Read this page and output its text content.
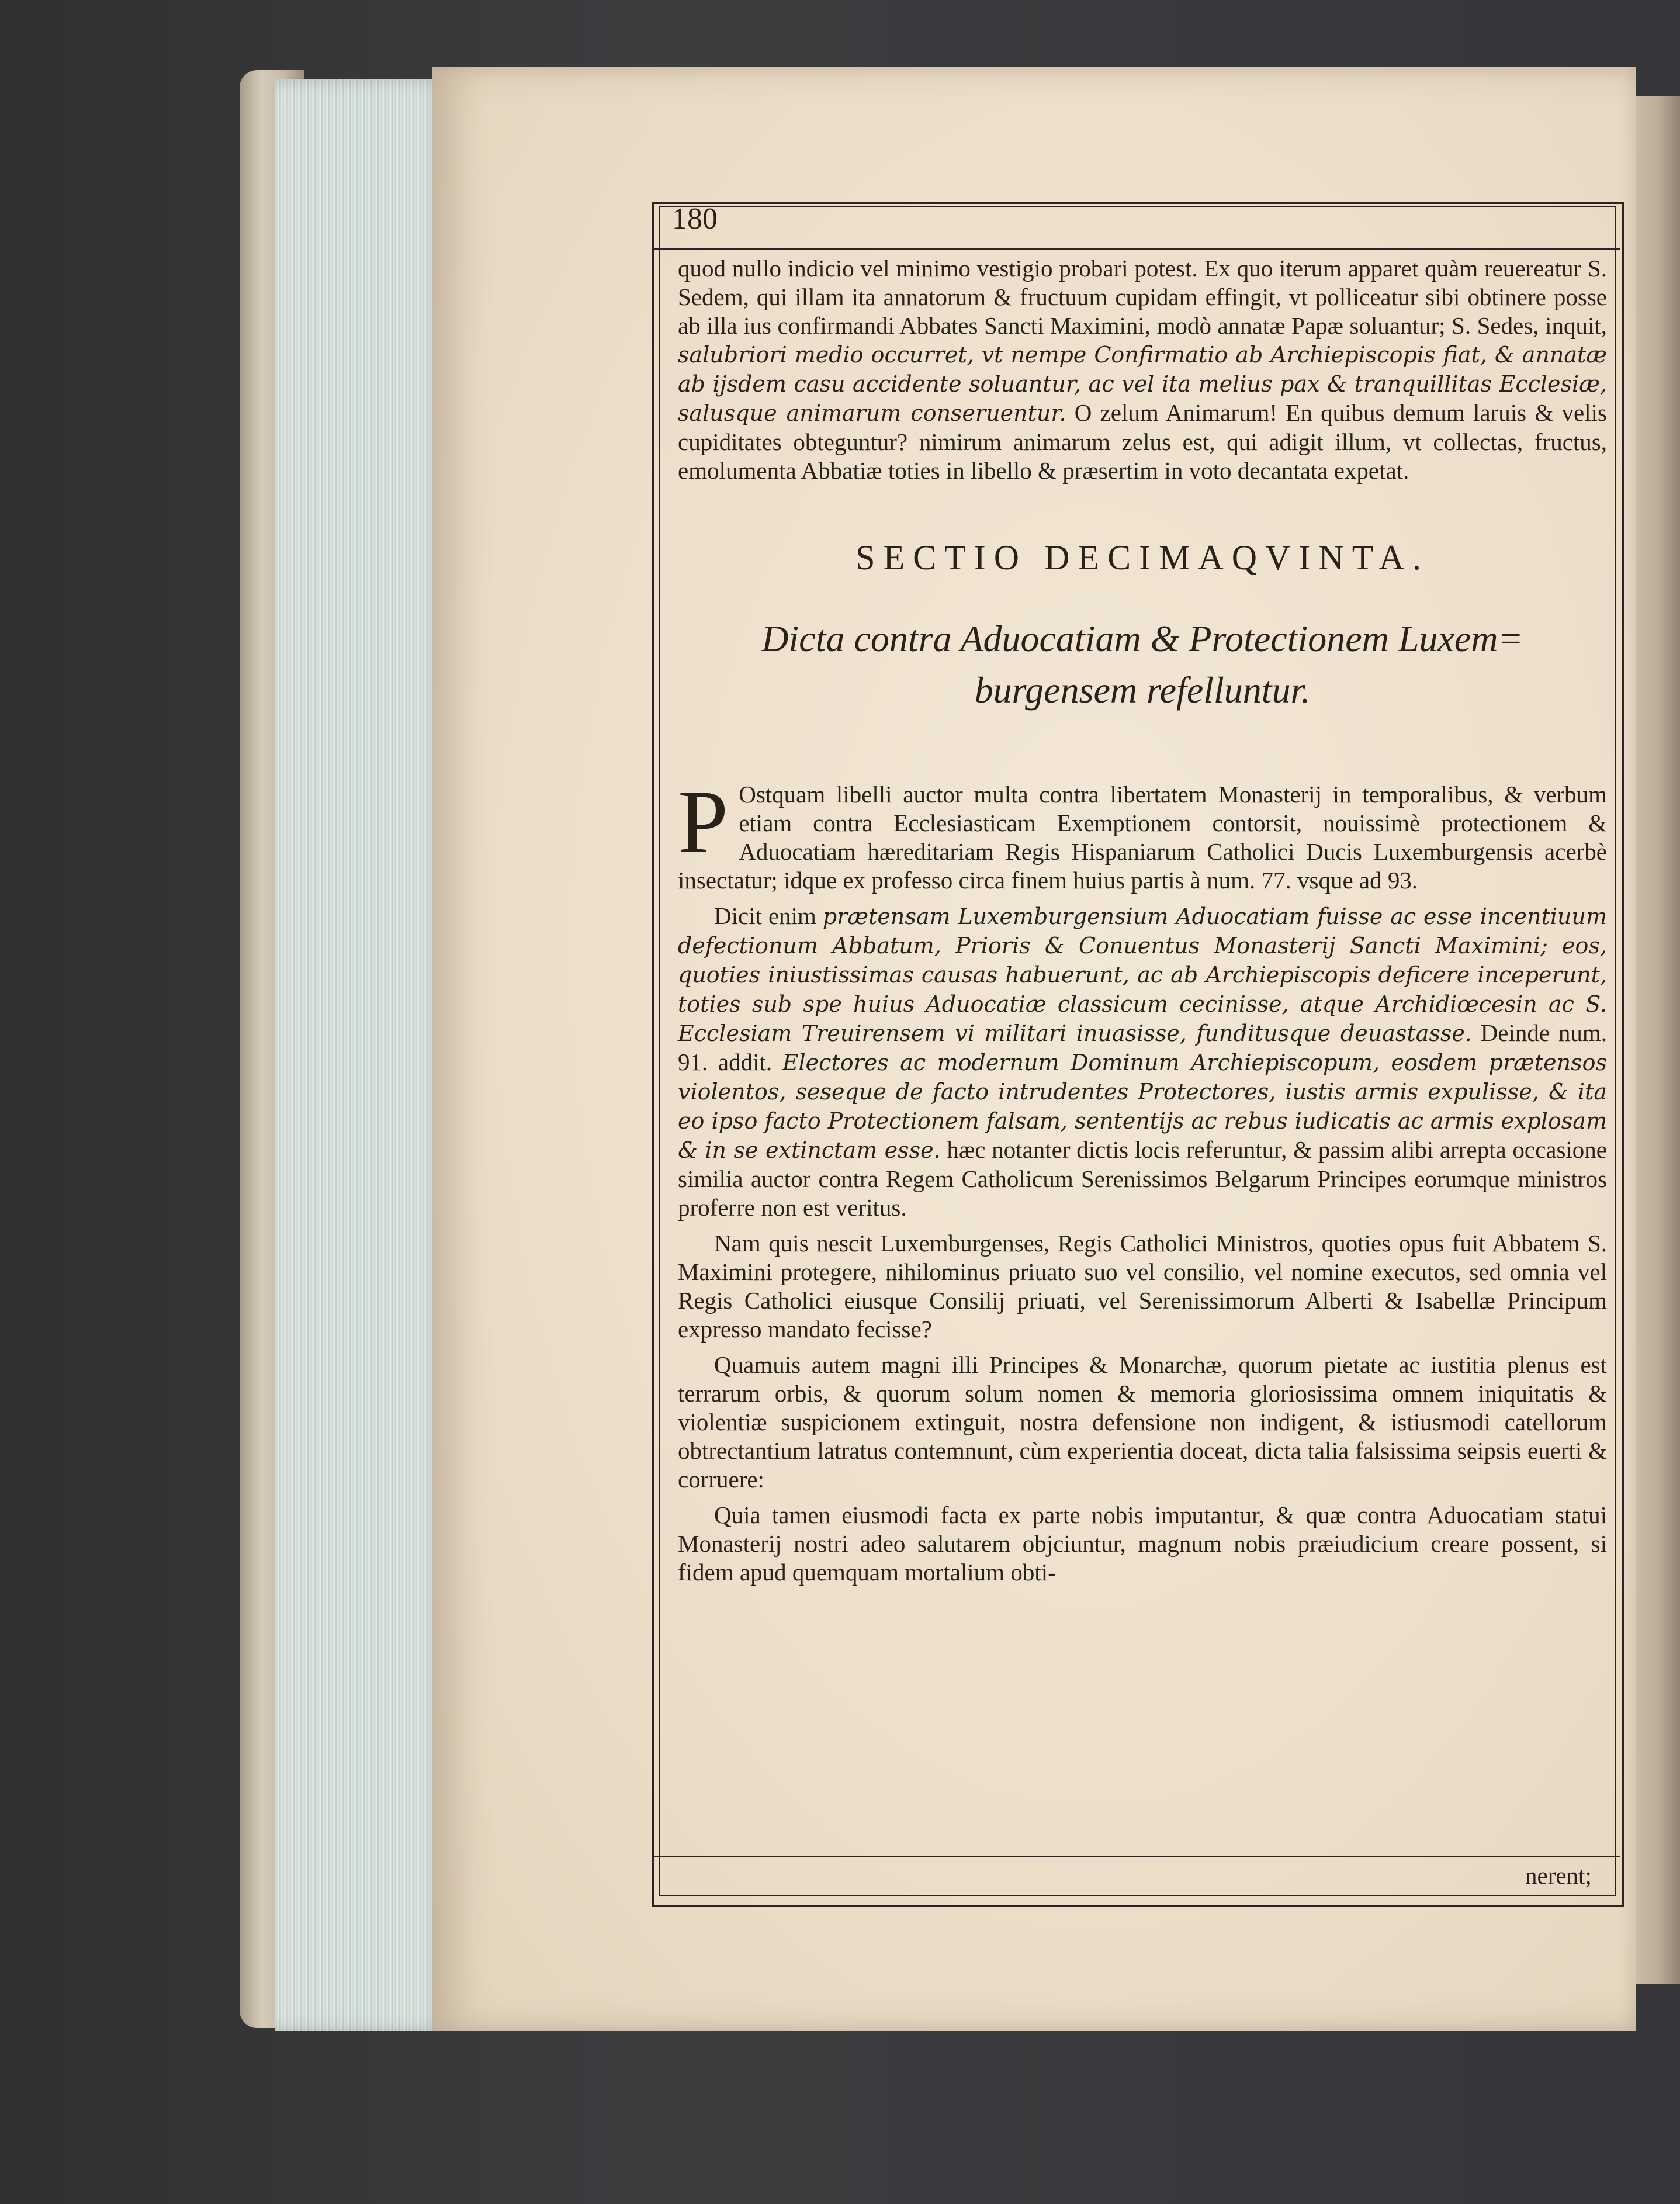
180

quod nullo indicio vel minimo vestigio probari potest. Ex quo iterum apparet quàm reuereatur S. Sedem, qui illam ita annatorum & fructuum cupidam effingit, vt polliceatur sibi obtinere posse ab illa ius confirmandi Abbates Sancti Maximini, modò annatæ Papæ soluantur; S. Sedes, inquit, salubriori medio occurret, vt nempe Confirmatio ab Archiepiscopis fiat, & annatæ ab ijsdem casu accidente soluantur, ac vel ita melius pax & tranquillitas Ecclesiæ, salusque animarum conseruentur. O zelum Animarum! En quibus demum laruis & velis cupiditates obteguntur? nimirum animarum zelus est, qui adigit illum, vt collectas, fructus, emolumenta Abbatiæ toties in libello & præsertim in voto decantata expetat.

SECTIO DECIMAQVINTA.
Dicta contra Aduocatiam & Protectionem Luxem=
burgensem refelluntur.

P Ostquam libelli auctor multa contra libertatem Monasterij in temporalibus, & verbum etiam contra Ecclesiasticam Exemptionem contorsit, nouissimè protectionem & Aduocatiam hæreditariam Regis Hispaniarum Catholici Ducis Luxemburgensis acerbè insectatur; idque ex professo circa finem huius partis à num. 77. vsque ad 93.

Dicit enim prætensam Luxemburgensium Aduocatiam fuisse ac esse incentiuum defectionum Abbatum, Prioris & Conuentus Monasterij Sancti Maximini; eos, quoties iniustissimas causas habuerunt, ac ab Archiepiscopis deficere inceperunt, toties sub spe huius Aduocatiæ classicum cecinisse, atque Archidiœcesin ac S. Ecclesiam Treuirensem vi militari inuasisse, funditusque deuastasse. Deinde num. 91. addit. Electores ac modernum Dominum Archiepiscopum, eosdem prætensos violentos, seseque de facto intrudentes Protectores, iustis armis expulisse, & ita eo ipso facto Protectionem falsam, sententijs ac rebus iudicatis ac armis explosam & in se extinctam esse. hæc notanter dictis locis referuntur, & passim alibi arrepta occasione similia auctor contra Regem Catholicum Serenissimos Belgarum Principes eorumque ministros proferre non est veritus.

Nam quis nescit Luxemburgenses, Regis Catholici Ministros, quoties opus fuit Abbatem S. Maximini protegere, nihilominus priuato suo vel consilio, vel nomine executos, sed omnia vel Regis Catholici eiusque Consilij priuati, vel Serenissimorum Alberti & Isabellæ Principum expresso mandato fecisse?

Quamuis autem magni illi Principes & Monarchæ, quorum pietate ac iustitia plenus est terrarum orbis, & quorum solum nomen & memoria gloriosissima omnem iniquitatis & violentiæ suspicionem extinguit, nostra defensione non indigent, & istiusmodi catellorum obtrectantium latratus contemnunt, cùm experientia doceat, dicta talia falsissima seipsis euerti & corruere:

Quia tamen eiusmodi facta ex parte nobis imputantur, & quæ contra Aduocatiam statui Monasterij nostri adeo salutarem objciuntur, magnum nobis præiudicium creare possent, si fidem apud quemquam mortalium obti-

nerent;
